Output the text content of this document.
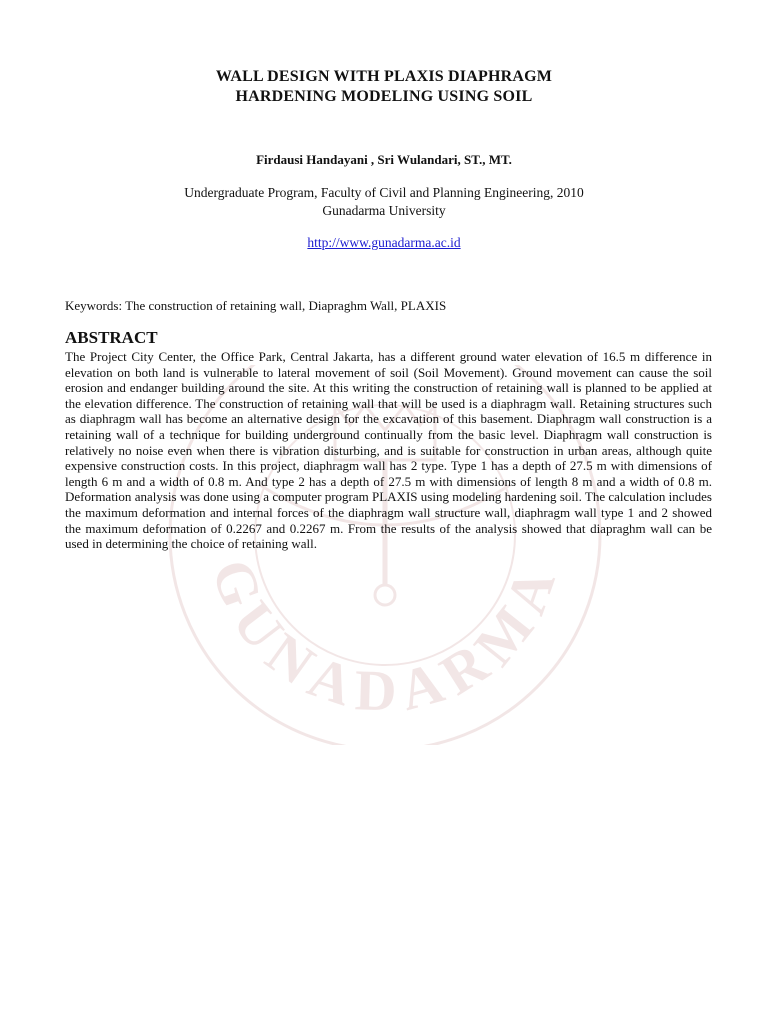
GUNADARMA
WALL DESIGN WITH PLAXIS DIAPHRAGM
HARDENING MODELING USING SOIL
Firdausi Handayani , Sri Wulandari, ST., MT.
Undergraduate Program, Faculty of Civil and Planning Engineering, 2010
Gunadarma University
http://www.gunadarma.ac.id
Keywords: The construction of retaining wall, Diapraghm Wall, PLAXIS
ABSTRACT
The Project City Center, the Office Park, Central Jakarta, has a different ground water elevation of 16.5 m difference in elevation on both land is vulnerable to lateral movement of soil (Soil Movement). Ground movement can cause the soil erosion and endanger building around the site. At this writing the construction of retaining wall is planned to be applied at the elevation difference. The construction of retaining wall that will be used is a diaphragm wall. Retaining structures such as diaphragm wall has become an alternative design for the excavation of this basement. Diaphragm wall construction is a retaining wall of a technique for building underground continually from the basic level. Diaphragm wall construction is relatively no noise even when there is vibration disturbing, and is suitable for construction in urban areas, although quite expensive construction costs. In this project, diaphragm wall has 2 type. Type 1 has a depth of 27.5 m with dimensions of length 6 m and a width of 0.8 m. And type 2 has a depth of 27.5 m with dimensions of length 8 m and a width of 0.8 m. Deformation analysis was done using a computer program PLAXIS using modeling hardening soil. The calculation includes the maximum deformation and internal forces of the diaphragm wall structure wall, diaphragm wall type 1 and 2 showed the maximum deformation of 0.2267 and 0.2267 m. From the results of the analysis showed that diapraghm wall can be used in determining the choice of retaining wall.
